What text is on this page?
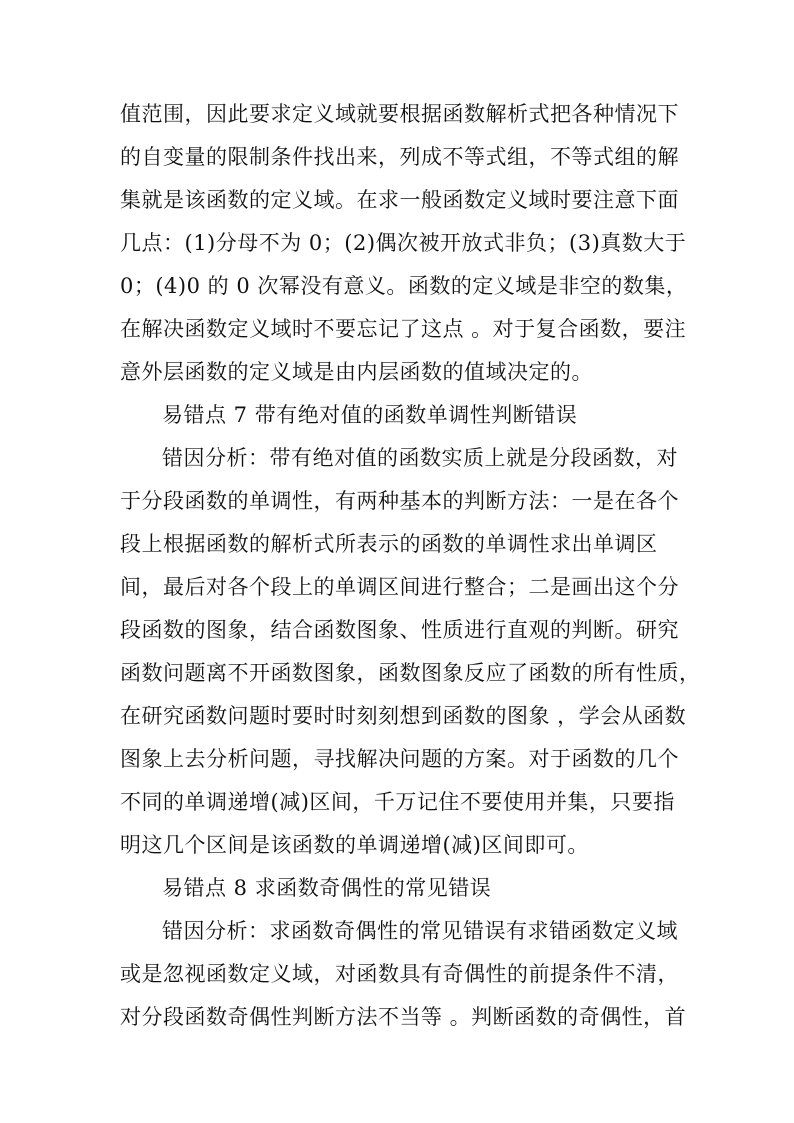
值范围，因此要求定义域就要根据函数解析式把各种情况下
的自变量的限制条件找出来，列成不等式组，不等式组的解
集就是该函数的定义域。在求一般函数定义域时要注意下面
几点：(1)分母不为 0；(2)偶次被开放式非负；(3)真数大于
0；(4)0 的 0 次幂没有意义。函数的定义域是非空的数集，
在解决函数定义域时不要忘记了这点 。对于复合函数，要注
意外层函数的定义域是由内层函数的值域决定的。
易错点 7 带有绝对值的函数单调性判断错误
错因分析：带有绝对值的函数实质上就是分段函数，对
于分段函数的单调性，有两种基本的判断方法：一是在各个
段上根据函数的解析式所表示的函数的单调性求出单调区
间，最后对各个段上的单调区间进行整合；二是画出这个分
段函数的图象，结合函数图象、性质进行直观的判断。研究
函数问题离不开函数图象，函数图象反应了函数的所有性质，
在研究函数问题时要时时刻刻想到函数的图象 ，学会从函数
图象上去分析问题，寻找解决问题的方案。对于函数的几个
不同的单调递增(减)区间，千万记住不要使用并集，只要指
明这几个区间是该函数的单调递增(减)区间即可。
易错点 8 求函数奇偶性的常见错误
错因分析：求函数奇偶性的常见错误有求错函数定义域
或是忽视函数定义域，对函数具有奇偶性的前提条件不清，
对分段函数奇偶性判断方法不当等 。判断函数的奇偶性，首
